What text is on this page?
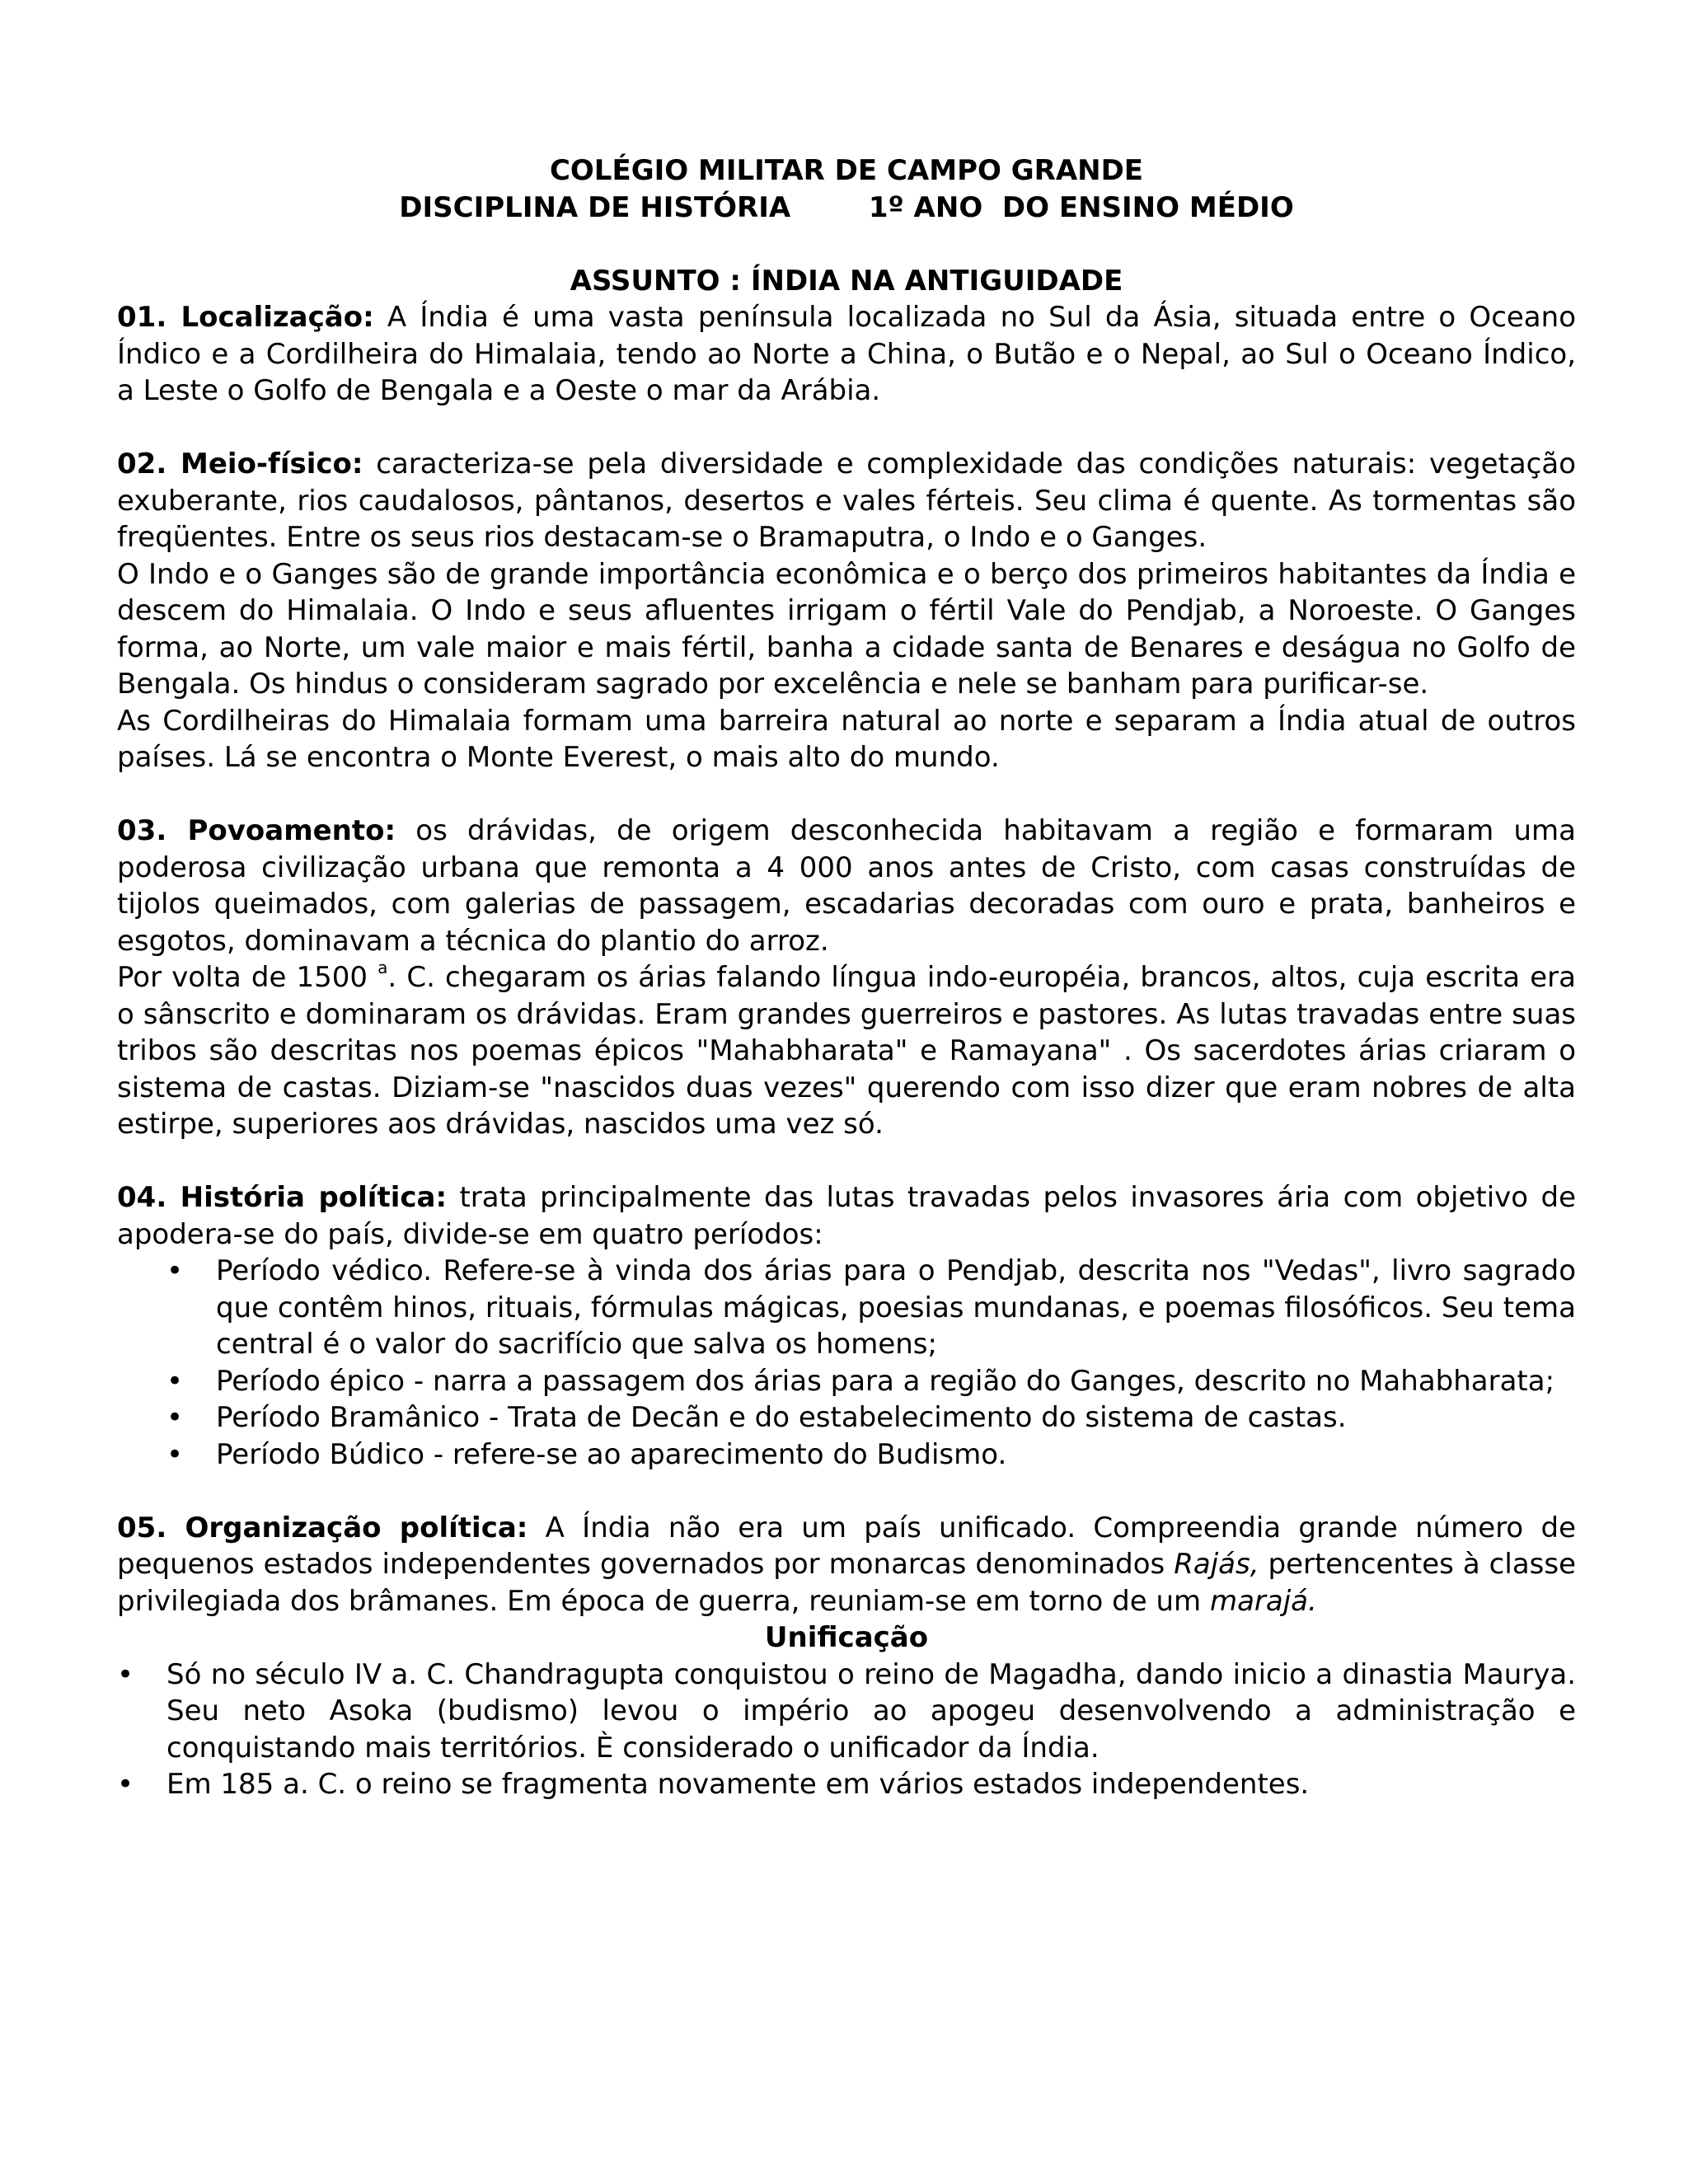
COLÉGIO MILITAR DE CAMPO GRANDE

DISCIPLINA DE HISTÓRIA	1º ANO  DO ENSINO MÉDIO

ASSUNTO : ÍNDIA NA ANTIGUIDADE

01. Localização: A Índia é uma vasta península localizada no Sul da Ásia, situada entre o Oceano Índico e a Cordilheira do Himalaia, tendo ao Norte a China, o Butão e o Nepal, ao Sul o Oceano Índico, a Leste o Golfo de Bengala e a Oeste o mar da Arábia.

02. Meio-físico: caracteriza-se pela diversidade e complexidade das condições naturais: vegetação exuberante, rios caudalosos, pântanos, desertos e vales férteis. Seu clima é quente. As tormentas são freqüentes. Entre os seus rios destacam-se o Bramaputra, o Indo e o Ganges.

O Indo e o Ganges são de grande importância econômica e o berço dos primeiros habitantes da Índia e descem do Himalaia. O Indo e seus afluentes irrigam o fértil Vale do Pendjab, a Noroeste. O Ganges forma, ao Norte, um vale maior e mais fértil, banha a cidade santa de Benares e deságua no Golfo de Bengala. Os hindus o consideram sagrado por excelência e nele se banham para purificar-se.

As Cordilheiras do Himalaia formam uma barreira natural ao norte e separam a Índia atual de outros países. Lá se encontra o Monte Everest, o mais alto do mundo.

03. Povoamento: os drávidas, de origem desconhecida habitavam a região e formaram uma poderosa civilização urbana que remonta a 4 000 anos antes de Cristo, com casas construídas de tijolos queimados, com galerias de passagem, escadarias decoradas com ouro e prata, banheiros e esgotos, dominavam a técnica do plantio do arroz.

Por volta de 1500 $^a$. C. chegaram os árias falando língua indo-européia, brancos, altos, cuja escrita era o sânscrito e dominaram os drávidas. Eram grandes guerreiros e pastores. As lutas travadas entre suas tribos são descritas nos poemas épicos "Mahabharata" e Ramayana" . Os sacerdotes árias criaram o sistema de castas. Diziam-se "nascidos duas vezes" querendo com isso dizer que eram nobres de alta estirpe, superiores aos drávidas, nascidos uma vez só.

04. História política: trata principalmente das lutas travadas pelos invasores ária com objetivo de apodera-se do país, divide-se em quatro períodos:

• Período védico. Refere-se à vinda dos árias para o Pendjab, descrita nos "Vedas", livro sagrado que contêm hinos, rituais, fórmulas mágicas, poesias mundanas, e poemas filosóficos. Seu tema central é o valor do sacrifício que salva os homens;
• Período épico - narra a passagem dos árias para a região do Ganges, descrito no Mahabharata;
• Período Bramânico - Trata de Decãn e do estabelecimento do sistema de castas.
• Período Búdico - refere-se ao aparecimento do Budismo.

05. Organização política: A Índia não era um país unificado. Compreendia grande número de pequenos estados independentes governados por monarcas denominados Rajás, pertencentes à classe privilegiada dos brâmanes. Em época de guerra, reuniam-se em torno de um marajá.

Unificação

• Só no século IV a. C. Chandragupta conquistou o reino de Magadha, dando inicio a dinastia Maurya. Seu neto Asoka (budismo) levou o império ao apogeu desenvolvendo a administração e conquistando mais territórios. È considerado o unificador da Índia.
• Em 185 a. C. o reino se fragmenta novamente em vários estados independentes.
